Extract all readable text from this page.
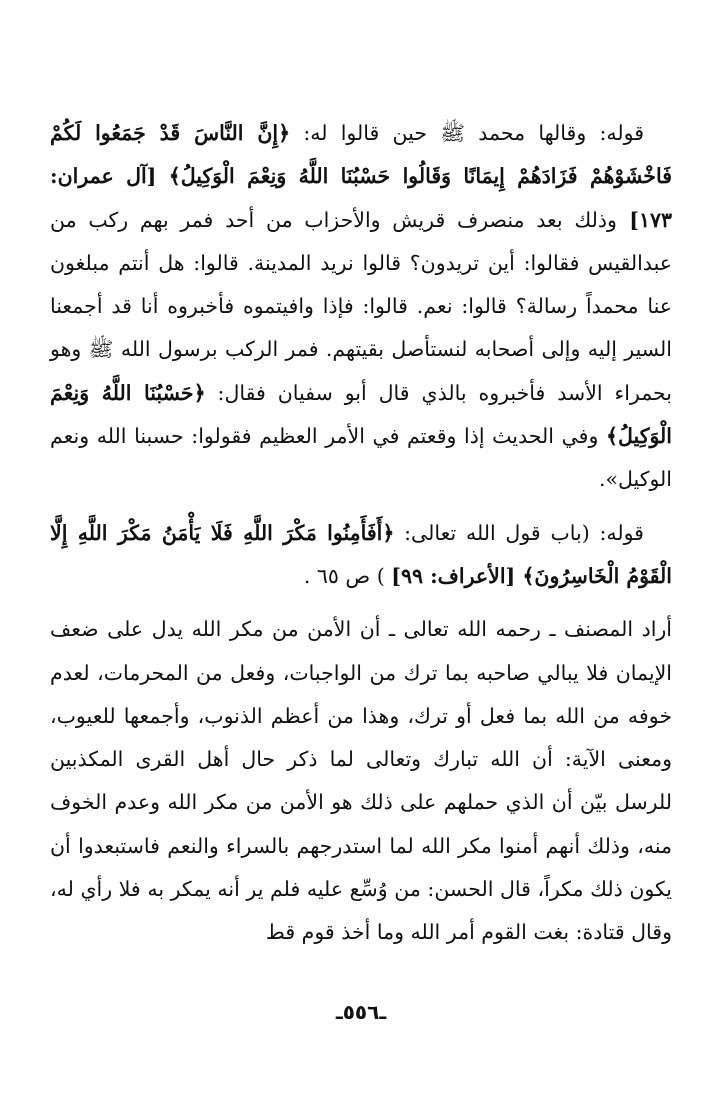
قوله: وقالها محمد ﷺ حين قالوا له: ﴿إِنَّ النَّاسَ قَدْ جَمَعُوا لَكُمْ فَاخْشَوْهُمْ فَزَادَهُمْ إِيمَانًا وَقَالُوا حَسْبُنَا اللَّهُ وَنِعْمَ الْوَكِيلُ﴾ [آل عمران: ١٧٣] وذلك بعد منصرف قريش والأحزاب من أحد فمر بهم ركب من عبدالقيس فقالوا: أين تريدون؟ قالوا نريد المدينة. قالوا: هل أنتم مبلغون عنا محمداً رسالة؟ قالوا: نعم. قالوا: فإذا وافيتموه فأخبروه أنا قد أجمعنا السير إليه وإلى أصحابه لنستأصل بقيتهم. فمر الركب برسول الله ﷺ وهو بحمراء الأسد فأخبروه بالذي قال أبو سفيان فقال: ﴿حَسْبُنَا اللَّهُ وَنِعْمَ الْوَكِيلُ﴾ وفي الحديث إذا وقعتم في الأمر العظيم فقولوا: حسبنا الله ونعم الوكيل».

قوله: (باب قول الله تعالى: ﴿أَفَأَمِنُوا مَكْرَ اللَّهِ فَلَا يَأْمَنُ مَكْرَ اللَّهِ إِلَّا الْقَوْمُ الْخَاسِرُونَ﴾ [الأعراف: ٩٩] ) ص ٦٥ .

أراد المصنف ـ رحمه الله تعالى ـ أن الأمن من مكر الله يدل على ضعف الإيمان فلا يبالي صاحبه بما ترك من الواجبات، وفعل من المحرمات، لعدم خوفه من الله بما فعل أو ترك، وهذا من أعظم الذنوب، وأجمعها للعيوب، ومعنى الآية: أن الله تبارك وتعالى لما ذكر حال أهل القرى المكذبين للرسل بيّن أن الذي حملهم على ذلك هو الأمن من مكر الله وعدم الخوف منه، وذلك أنهم أمنوا مكر الله لما استدرجهم بالسراء والنعم فاستبعدوا أن يكون ذلك مكراً، قال الحسن: من وُسِّع عليه فلم ير أنه يمكر به فلا رأي له، وقال قتادة: بغت القوم أمر الله وما أخذ قوم قط

ـ٥٥٦ـ
